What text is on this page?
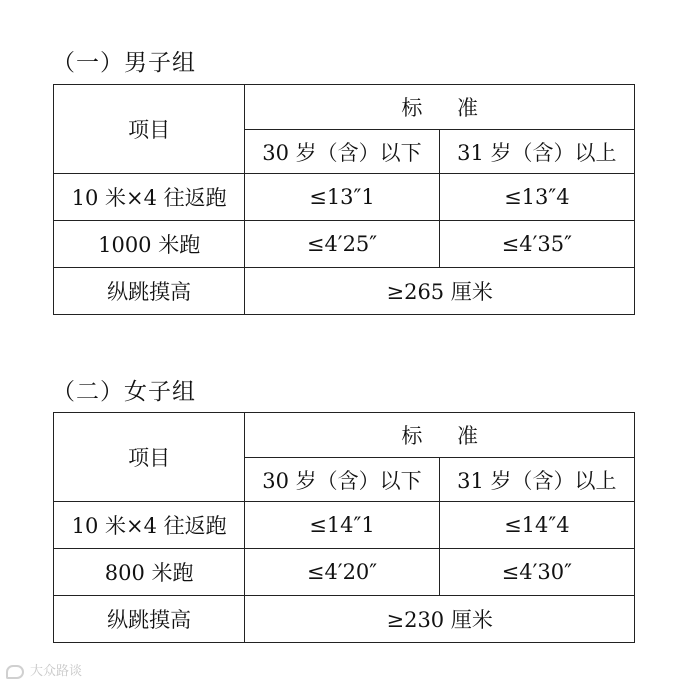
（一）男子组
项目	标 准	
	30 岁（含）以下	31 岁（含）以上
10 米×4 往返跑	≤13″1	≤13″4
1000 米跑	≤4′25″	≤4′35″
纵跳摸高	≥265 厘米	
（二）女子组
项目	标 准	
	30 岁（含）以下	31 岁（含）以上
10 米×4 往返跑	≤14″1	≤14″4
800 米跑	≤4′20″	≤4′30″
纵跳摸高	≥230 厘米	
大众路谈
